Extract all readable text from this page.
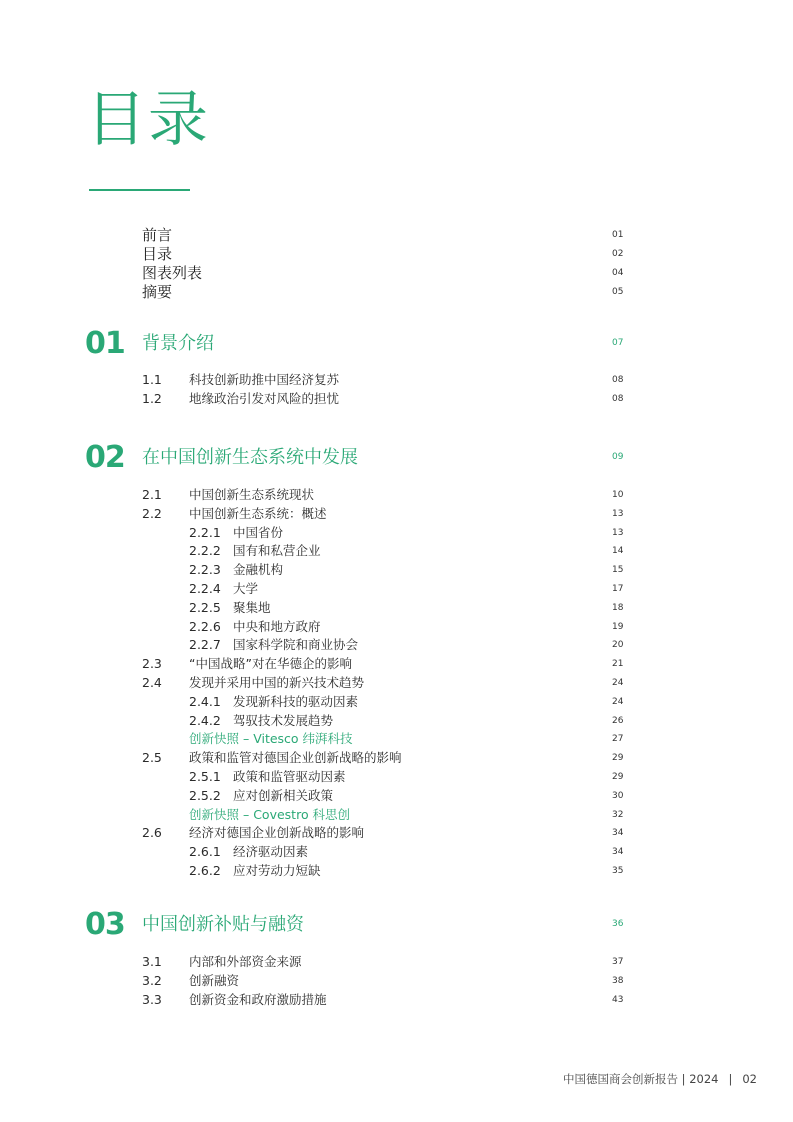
目录
前言	01
目录	02
图表列表	04
摘要	05
01 背景介绍	07
1.1 科技创新助推中国经济复苏	08
1.2 地缘政治引发对风险的担忧	08
02 在中国创新生态系统中发展	09
2.1 中国创新生态系统现状	10
2.2 中国创新生态系统：概述	13
2.2.1 中国省份	13
2.2.2 国有和私营企业	14
2.2.3 金融机构	15
2.2.4 大学	17
2.2.5 聚集地	18
2.2.6 中央和地方政府	19
2.2.7 国家科学院和商业协会	20
2.3 “中国战略”对在华德企的影响	21
2.4 发现并采用中国的新兴技术趋势	24
2.4.1 发现新科技的驱动因素	24
2.4.2 驾驭技术发展趋势	26
创新快照 – Vitesco 纬湃科技	27
2.5 政策和监管对德国企业创新战略的影响	29
2.5.1 政策和监管驱动因素	29
2.5.2 应对创新相关政策	30
创新快照 – Covestro 科思创	32
2.6 经济对德国企业创新战略的影响	34
2.6.1 经济驱动因素	34
2.6.2 应对劳动力短缺	35
03 中国创新补贴与融资	36
3.1 内部和外部资金来源	37
3.2 创新融资	38
3.3 创新资金和政府激励措施	43
中国德国商会创新报告 | 2024 | 02
